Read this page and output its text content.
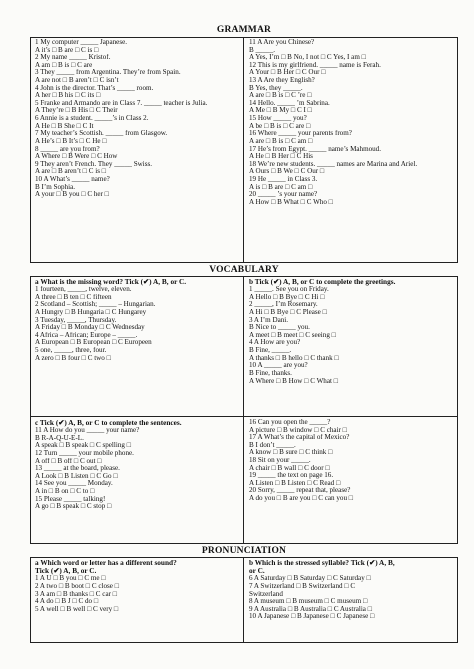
GRAMMAR
1 My computer _____ Japanese.
A it’s □ B are □ C is □
2 My name _____ Kristof.
A am □ B is □ C are
3 They _____ from Argentina. They’re from Spain.
A are not □ B aren’t □ C isn’t
4 John is the director. That’s _____ room.
A her □ B his □ C its □
5 Franke and Armando are in Class 7. _____ teacher is Julia.
A They’re □ B His □ C Their
6 Annie is a student. _____’s in Class 2.
A He □ B She □ C It
7 My teacher’s Scottish. _____ from Glasgow.
A He’s □ B It’s □ C He □
8 _____ are you from?
A Where □ B Were □ C How
9 They aren’t French. They _____ Swiss.
A are □ B aren’t □ C is □
10 A What’s _____ name?
B I’m Sophia.
A your □ B you □ C her □
11 A Are you Chinese?
B _____.
A Yes, I’m □ B No, I not □ C Yes, I am □
12 This is my girlfriend. _____ name is Ferah.
A Your □ B Her □ C Our □
13 A Are they English?
B Yes, they _____.
A are □ B is □ C ’re □
14 Hello. _____ ’m Sabrina.
A Me □ B My □ C I □
15 How _____ you?
A be □ B is □ C are □
16 Where _____ your parents from?
A are □ B is □ C am □
17 He’s from Egypt. _____ name’s Mahmoud.
A He □ B Her □ C His
18 We’re new students. _____ names are Marina and Ariel.
A Ours □ B We □ C Our □
19 He _____ in Class 3.
A is □ B are □ C am □
20 _____ ’s your name?
A How □ B What □ C Who □
VOCABULARY
a What is the missing word? Tick (✔) A, B, or C.
1 fourteen, _____, twelve, eleven.
A three □ B ten □ C fifteen
2 Scotland – Scottish; _____ – Hungarian.
A Hungry □ B Hungaria □ C Hungarey
3 Tuesday, _____, Thursday.
A Friday □ B Monday □ C Wednesday
4 Africa – African; Europe – _____.
A European □ B European □ C Europeen
5 one, _____, three, four.
A zero □ B four □ C two □
b Tick (✔) A, B, or C to complete the greetings.
1 _____. See you on Friday.
A Hello □ B Bye □ C Hi □
2 _____, I’m Rosemary.
A Hi □ B Bye □ C Please □
3 A I’m Dani.
B Nice to _____ you.
A meet □ B meet □ C seeing □
4 A How are you?
B Fine, _____.
A thanks □ B hello □ C thank □
10 A _____ are you?
B Fine, thanks.
A Where □ B How □ C What □
c Tick (✔) A, B, or C to complete the sentences.
11 A How do you _____ your name?
B R-A-Q-U-E-L.
A speak □ B speak □ C spelling □
12 Turn _____ your mobile phone.
A off □ B off □ C out □
13 _____ at the board, please.
A Look □ B Listen □ C Go □
14 See you _____ Monday.
A in □ B on □ C to □
15 Please _____ talking!
A go □ B speak □ C stop □
16 Can you open the _____?
A picture □ B window □ C chair □
17 A What’s the capital of Mexico?
B I don’t _____.
A know □ B sure □ C think □
18 Sit on your _____.
A chair □ B wall □ C door □
19 _____ the text on page 16.
A Listen □ B Listen □ C Read □
20 Sorry, _____ repeat that, please?
A do you □ B are you □ C can you □
PRONUNCIATION
a Which word or letter has a different sound?
Tick (✔) A, B, or C.
1 A U □ B you □ C me □
2 A two □ B boot □ C close □
3 A am □ B thanks □ C car □
4 A do □ B J □ C do □
5 A well □ B well □ C very □
b Which is the stressed syllable? Tick (✔) A, B,
or C.
6 A Saturday □ B Saturday □ C Saturday □
7 A Switzerland □ B Switzerland □ C
Switzerland
8 A museum □ B museum □ C museum □
9 A Australia □ B Australia □ C Australia □
10 A Japanese □ B Japanese □ C Japanese □
